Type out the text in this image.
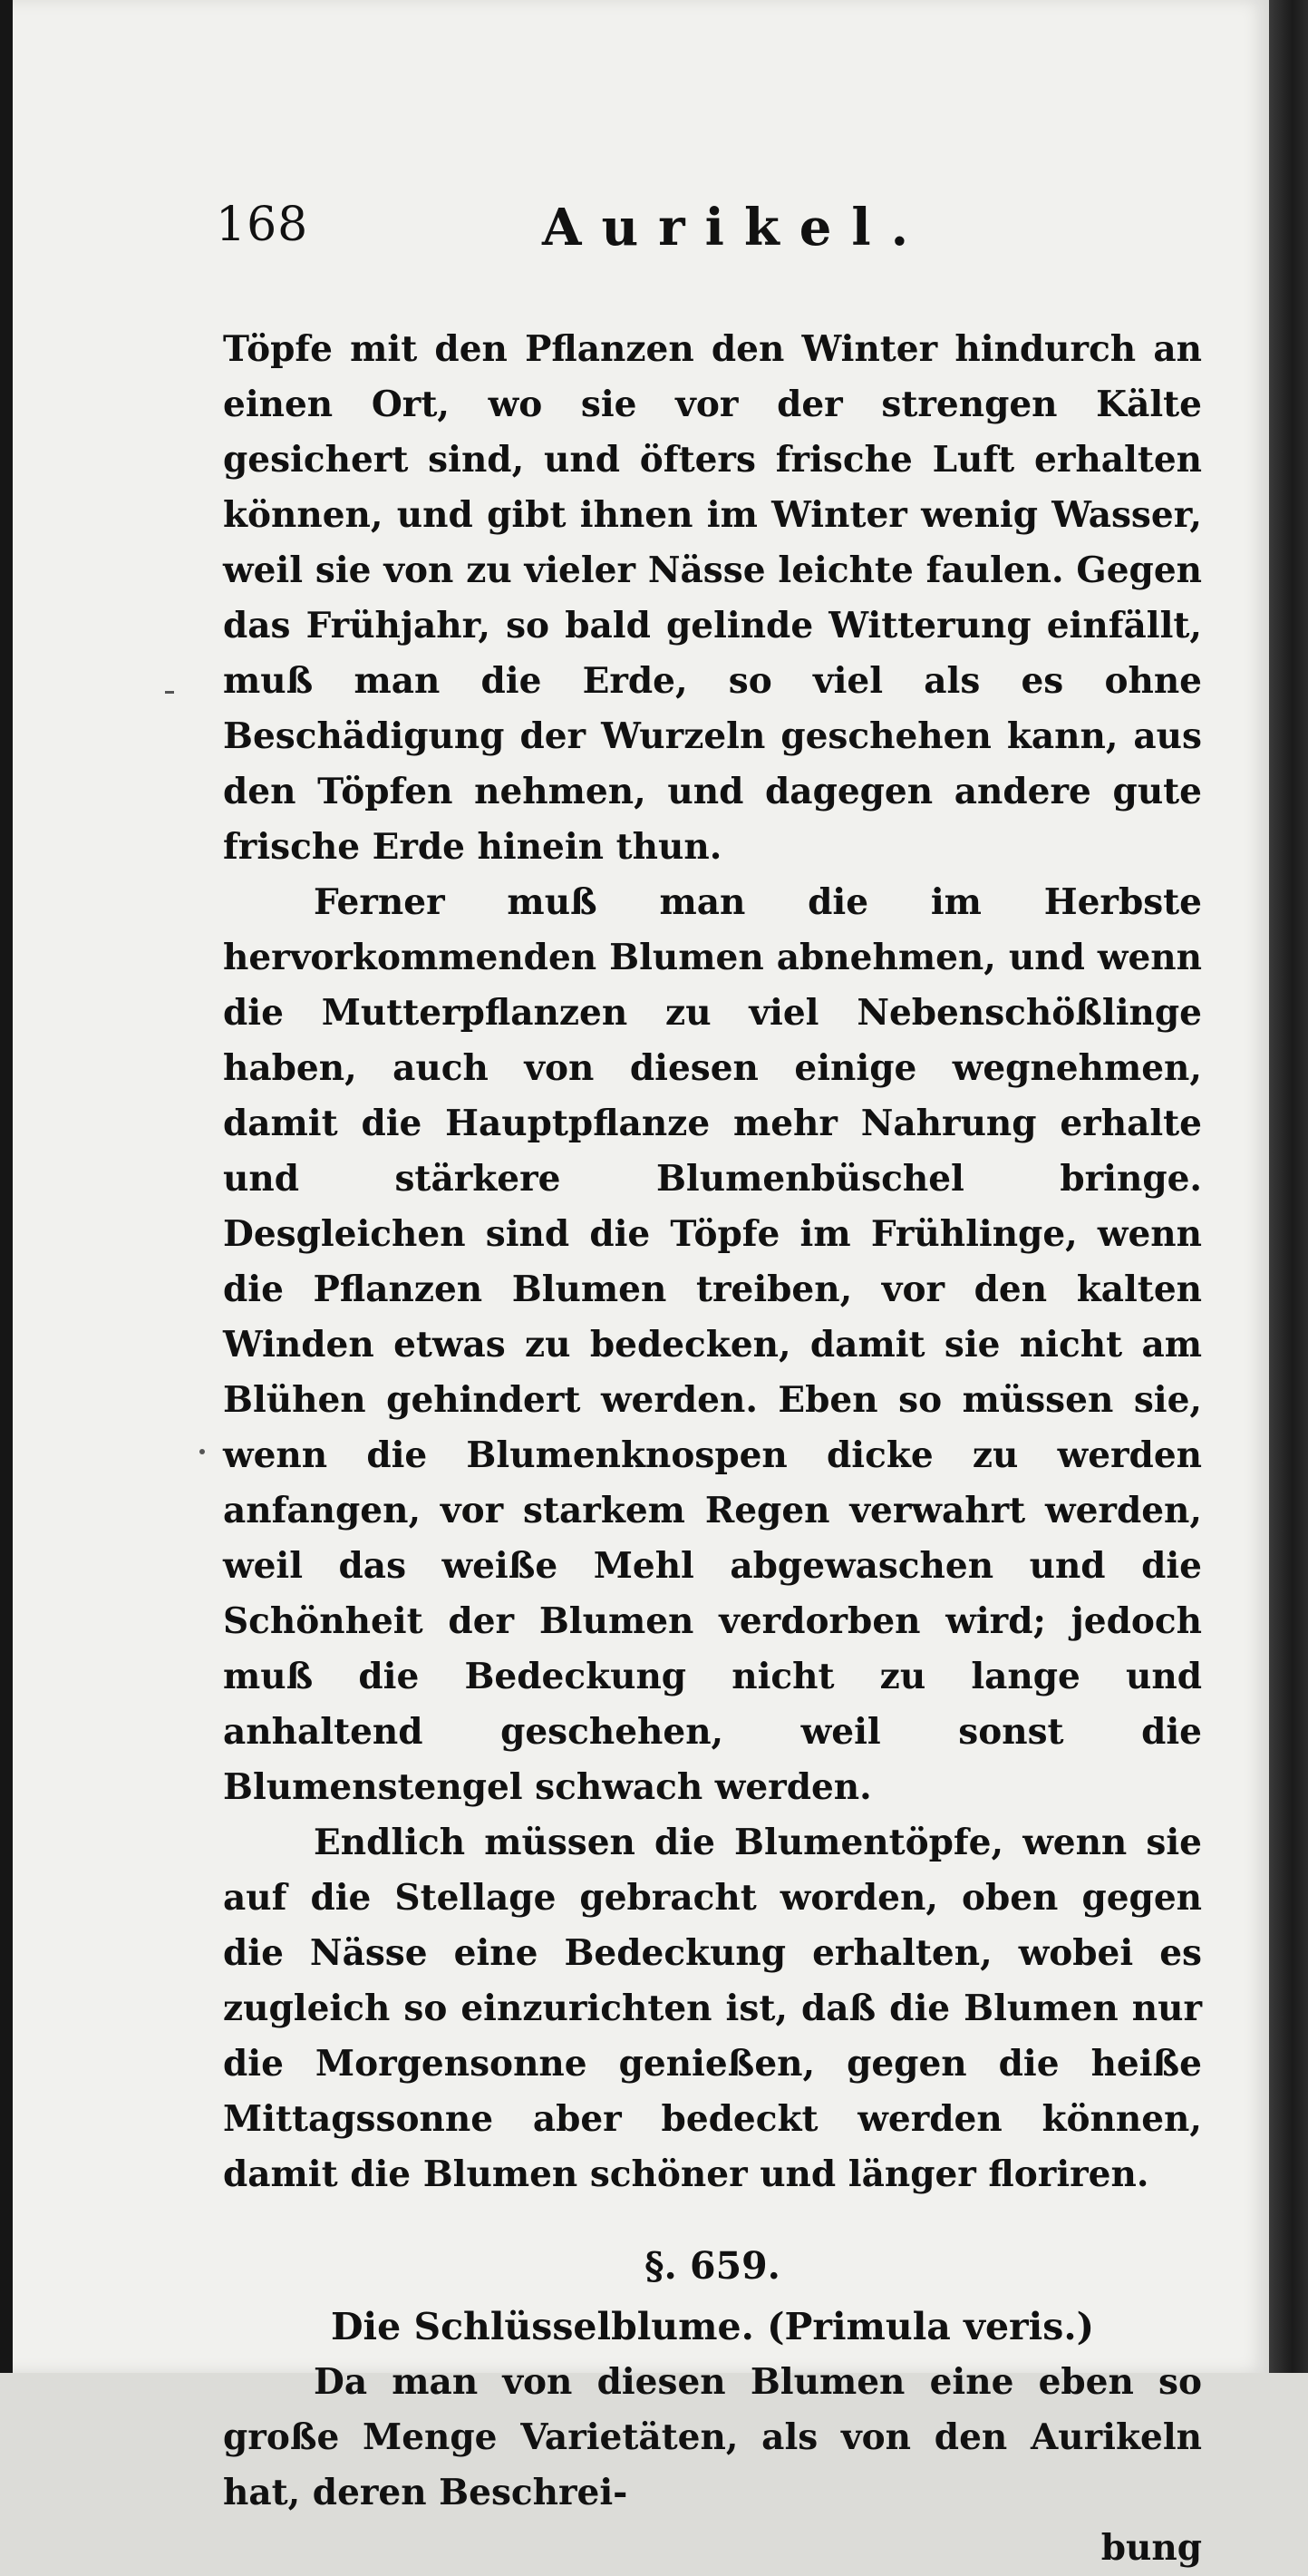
168	Aurikel.

Töpfe mit den Pflanzen den Winter hindurch an einen Ort, wo sie vor der strengen Kälte gesichert sind, und öfters frische Luft erhalten können, und gibt ihnen im Winter wenig Wasser, weil sie von zu vieler Nässe leichte faulen. Gegen das Frühjahr, so bald gelinde Witterung einfällt, muß man die Erde, so viel als es ohne Beschädigung der Wurzeln geschehen kann, aus den Töpfen nehmen, und dagegen andere gute frische Erde hinein thun.

Ferner muß man die im Herbste hervorkommenden Blumen abnehmen, und wenn die Mutterpflanzen zu viel Nebenschößlinge haben, auch von diesen einige wegnehmen, damit die Hauptpflanze mehr Nahrung erhalte und stärkere Blumenbüschel bringe. Desgleichen sind die Töpfe im Frühlinge, wenn die Pflanzen Blumen treiben, vor den kalten Winden etwas zu bedecken, damit sie nicht am Blühen gehindert werden. Eben so müssen sie, wenn die Blumenknospen dicke zu werden anfangen, vor starkem Regen verwahrt werden, weil das weiße Mehl abgewaschen und die Schönheit der Blumen verdorben wird; jedoch muß die Bedeckung nicht zu lange und anhaltend geschehen, weil sonst die Blumenstengel schwach werden.

Endlich müssen die Blumentöpfe, wenn sie auf die Stellage gebracht worden, oben gegen die Nässe eine Bedeckung erhalten, wobei es zugleich so einzurichten ist, daß die Blumen nur die Morgensonne genießen, gegen die heiße Mittagssonne aber bedeckt werden können, damit die Blumen schöner und länger floriren.

§. 659.

Die Schlüsselblume. (Primula veris.)

Da man von diesen Blumen eine eben so große Menge Varietäten, als von den Aurikeln hat, deren Beschrei-

bung
